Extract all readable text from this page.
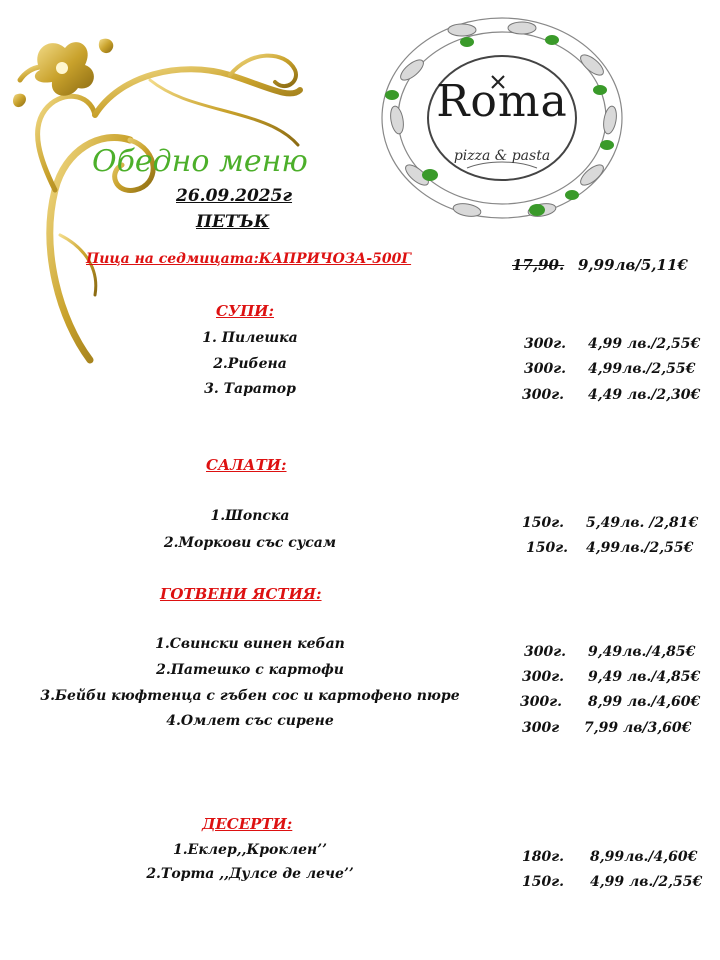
Roma
pizza & pasta
Обедно меню
26.09.2025г
ПЕТЪК
Пица на седмицата:КАПРИЧОЗА-500Г	17,90. 9,99лв/5,11€
СУПИ:
1. Пилешка
2.Рибена
3. Таратор
300г. 4,99 лв./2,55€
300г. 4,99лв./2,55€
300г. 4,49 лв./2,30€
САЛАТИ:
1.Шопска
2.Моркови със сусам
150г. 5,49лв. /2,81€
150г. 4,99лв./2,55€
ГОТВЕНИ ЯСТИЯ:
1.Свински винен кебап
2.Патешко с картофи
3.Бейби кюфтенца с гъбен сос и картофено пюре
4.Омлет със сирене
300г. 9,49лв./4,85€
300г. 9,49 лв./4,85€
300г. 8,99 лв./4,60€
300г 7,99 лв/3,60€
ДЕСЕРТИ:
1.Еклер,,Кроклен’’
2.Торта ,,Дулсе де лече’’
180г. 8,99лв./4,60€
150г. 4,99 лв./2,55€
